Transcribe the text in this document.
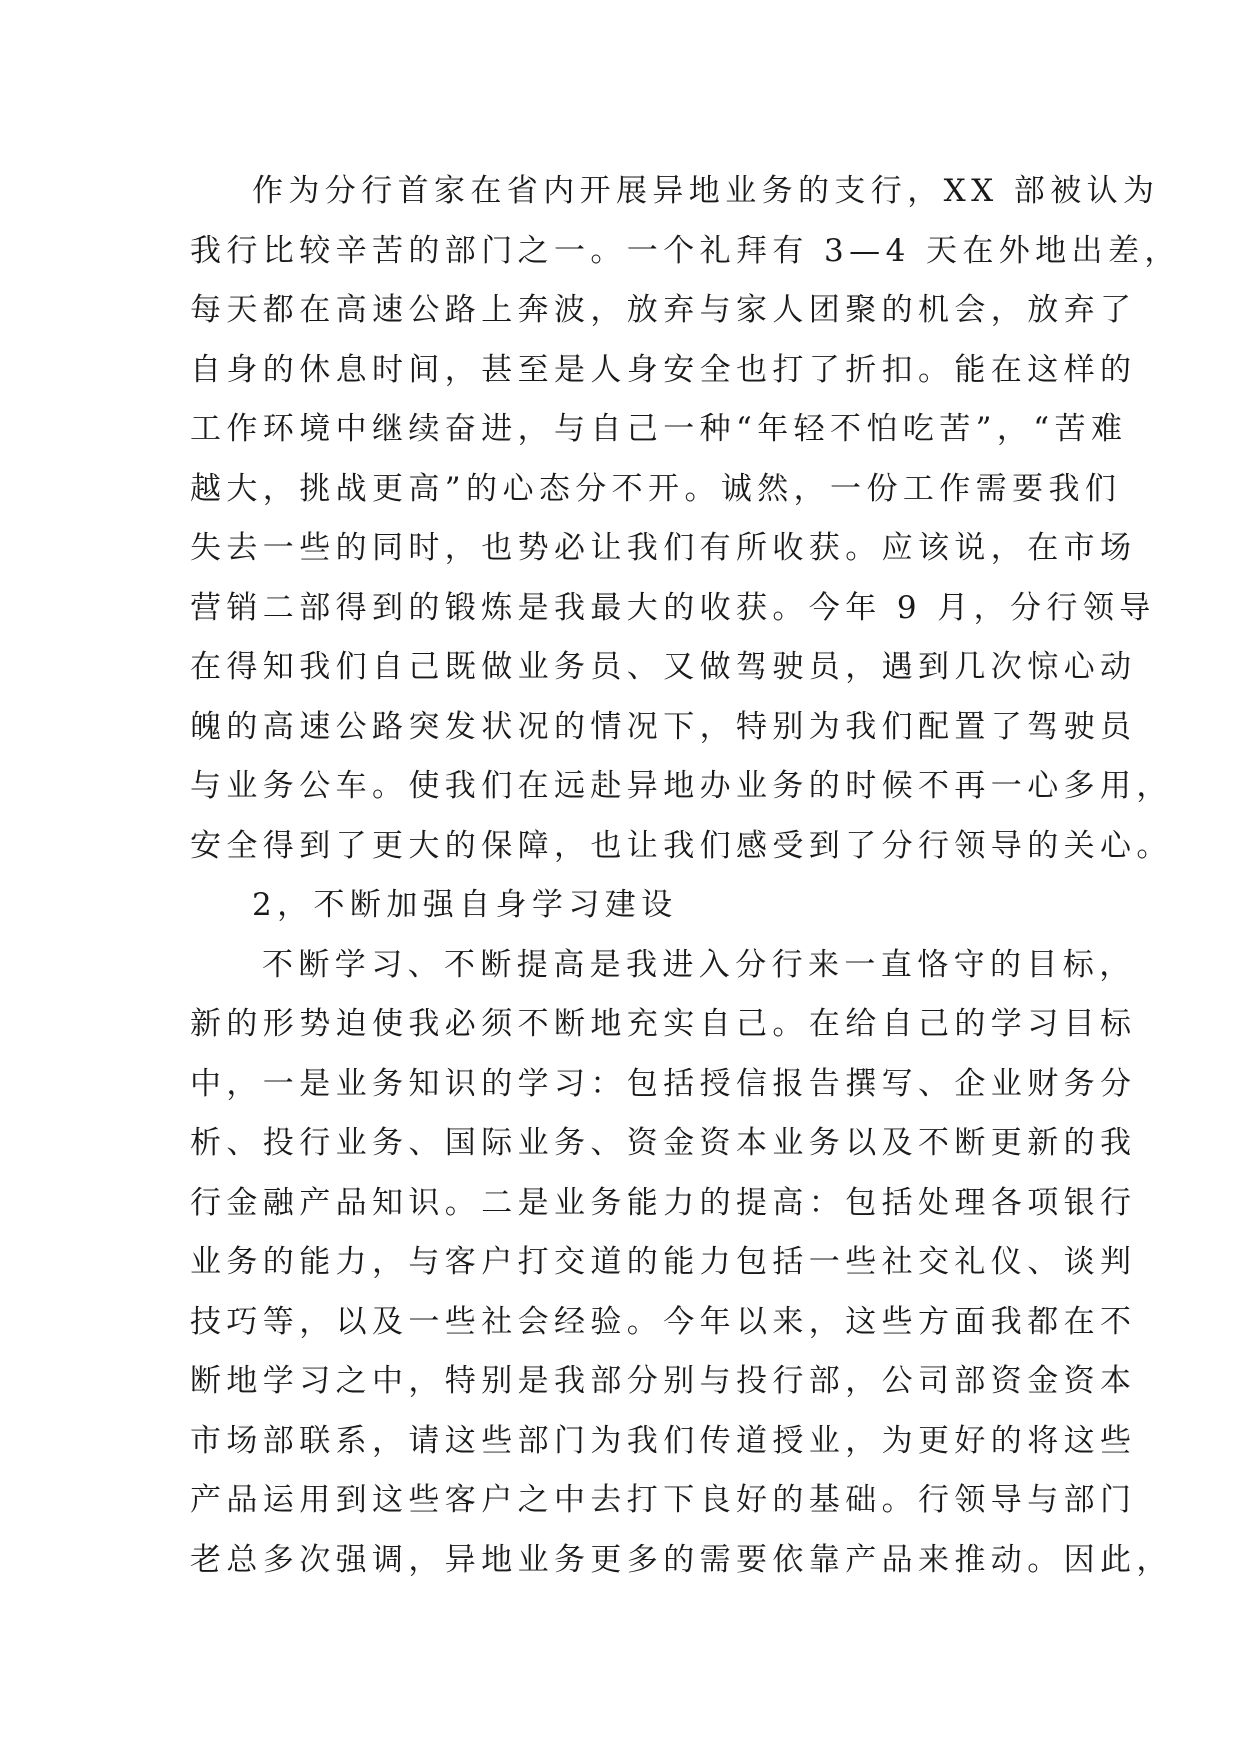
作为分行首家在省内开展异地业务的支行，XX 部被认为
我行比较辛苦的部门之一。一个礼拜有 3—4 天在外地出差，
每天都在高速公路上奔波，放弃与家人团聚的机会，放弃了
自身的休息时间，甚至是人身安全也打了折扣。能在这样的
工作环境中继续奋进，与自己一种“年轻不怕吃苦”，“苦难
越大，挑战更高”的心态分不开。诚然，一份工作需要我们
失去一些的同时，也势必让我们有所收获。应该说，在市场
营销二部得到的锻炼是我最大的收获。今年 9 月，分行领导
在得知我们自己既做业务员、又做驾驶员，遇到几次惊心动
魄的高速公路突发状况的情况下，特别为我们配置了驾驶员
与业务公车。使我们在远赴异地办业务的时候不再一心多用，
安全得到了更大的保障，也让我们感受到了分行领导的关心。
2，不断加强自身学习建设
不断学习、不断提高是我进入分行来一直恪守的目标，
新的形势迫使我必须不断地充实自己。在给自己的学习目标
中，一是业务知识的学习：包括授信报告撰写、企业财务分
析、投行业务、国际业务、资金资本业务以及不断更新的我
行金融产品知识。二是业务能力的提高：包括处理各项银行
业务的能力，与客户打交道的能力包括一些社交礼仪、谈判
技巧等，以及一些社会经验。今年以来，这些方面我都在不
断地学习之中，特别是我部分别与投行部，公司部资金资本
市场部联系，请这些部门为我们传道授业，为更好的将这些
产品运用到这些客户之中去打下良好的基础。行领导与部门
老总多次强调，异地业务更多的需要依靠产品来推动。因此，
